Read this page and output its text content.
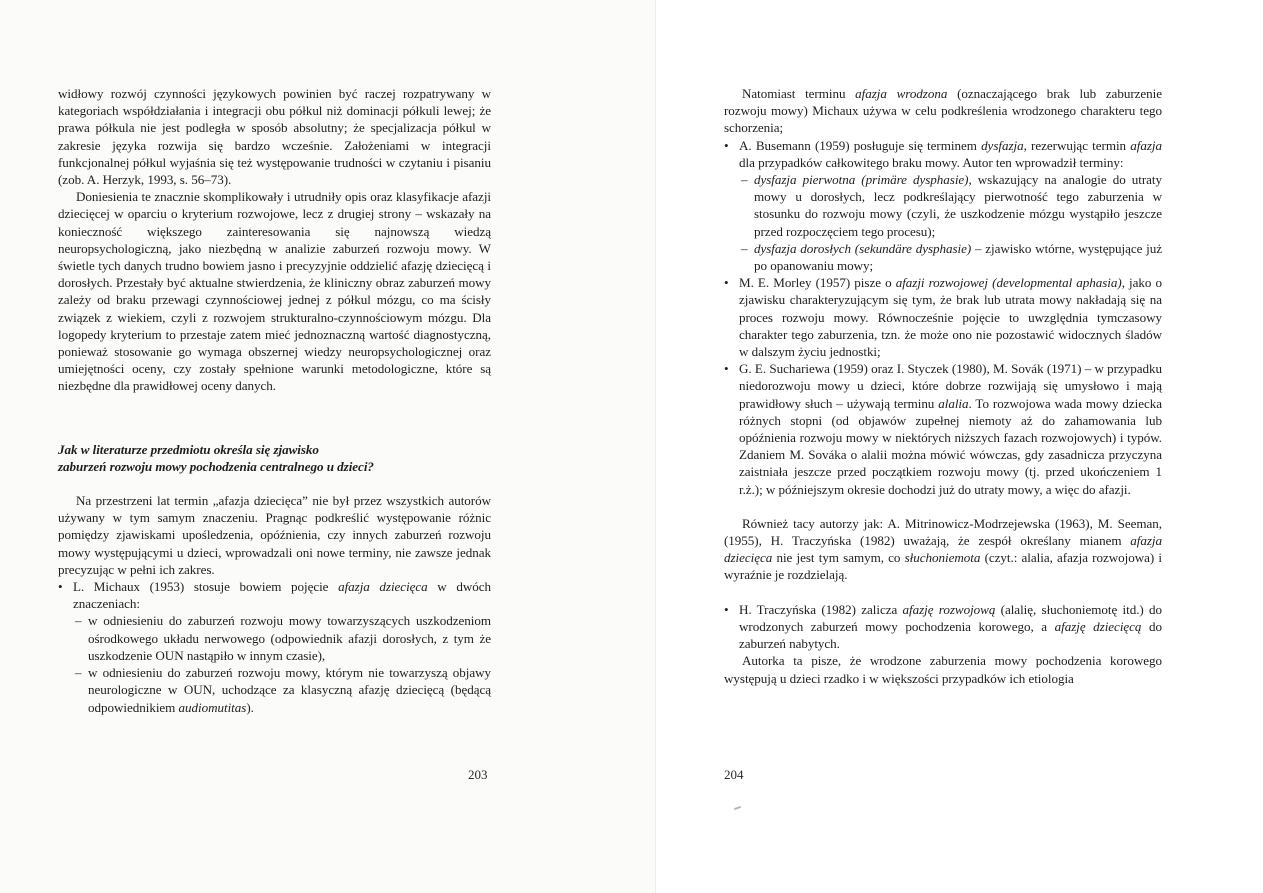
widłowy rozwój czynności językowych powinien być raczej rozpatrywany w kategoriach współdziałania i integracji obu półkul niż dominacji półkuli lewej; że prawa półkula nie jest podległa w sposób absolutny; że specjalizacja półkul w zakresie języka rozwija się bardzo wcześnie. Założeniami w integracji funkcjonalnej półkul wyjaśnia się też występowanie trudności w czytaniu i pisaniu (zob. A. Herzyk, 1993, s. 56–73).

Doniesienia te znacznie skomplikowały i utrudniły opis oraz klasyfikacje afazji dziecięcej w oparciu o kryterium rozwojowe, lecz z drugiej strony – wskazały na konieczność większego zainteresowania się najnowszą wiedzą neuropsychologiczną, jako niezbędną w analizie zaburzeń rozwoju mowy. W świetle tych danych trudno bowiem jasno i precyzyjnie oddzielić afazję dziecięcą i dorosłych. Przestały być aktualne stwierdzenia, że kliniczny obraz zaburzeń mowy zależy od braku przewagi czynnościowej jednej z półkul mózgu, co ma ścisły związek z wiekiem, czyli z rozwojem strukturalno-czynnościowym mózgu. Dla logopedy kryterium to przestaje zatem mieć jednoznaczną wartość diagnostyczną, ponieważ stosowanie go wymaga obszernej wiedzy neuropsychologicznej oraz umiejętności oceny, czy zostały spełnione warunki metodologiczne, które są niezbędne dla prawidłowej oceny danych.

Jak w literaturze przedmiotu określa się zjawisko
zaburzeń rozwoju mowy pochodzenia centralnego u dzieci?

Na przestrzeni lat termin „afazja dziecięca” nie był przez wszystkich autorów używany w tym samym znaczeniu. Pragnąc podkreślić występowanie różnic pomiędzy zjawiskami upośledzenia, opóźnienia, czy innych zaburzeń rozwoju mowy występującymi u dzieci, wprowadzali oni nowe terminy, nie zawsze jednak precyzując w pełni ich zakres.

• L. Michaux (1953) stosuje bowiem pojęcie afazja dziecięca w dwóch znaczeniach:
– w odniesieniu do zaburzeń rozwoju mowy towarzyszących uszkodzeniom ośrodkowego układu nerwowego (odpowiednik afazji dorosłych, z tym że uszkodzenie OUN nastąpiło w innym czasie),
– w odniesieniu do zaburzeń rozwoju mowy, którym nie towarzyszą objawy neurologiczne w OUN, uchodzące za klasyczną afazję dziecięcą (będącą odpowiednikiem audiomutitas).
203

Natomiast terminu afazja wrodzona (oznaczającego brak lub zaburzenie rozwoju mowy) Michaux używa w celu podkreślenia wrodzonego charakteru tego schorzenia;

• A. Busemann (1959) posługuje się terminem dysfazja, rezerwując termin afazja dla przypadków całkowitego braku mowy. Autor ten wprowadził terminy:
– dysfazja pierwotna (primäre dysphasie), wskazujący na analogie do utraty mowy u dorosłych, lecz podkreślający pierwotność tego zaburzenia w stosunku do rozwoju mowy (czyli, że uszkodzenie mózgu wystąpiło jeszcze przed rozpoczęciem tego procesu);
– dysfazja dorosłych (sekundäre dysphasie) – zjawisko wtórne, występujące już po opanowaniu mowy;
• M. E. Morley (1957) pisze o afazji rozwojowej (developmental aphasia), jako o zjawisku charakteryzującym się tym, że brak lub utrata mowy nakładają się na proces rozwoju mowy. Równocześnie pojęcie to uwzględnia tymczasowy charakter tego zaburzenia, tzn. że może ono nie pozostawić widocznych śladów w dalszym życiu jednostki;
• G. E. Suchariewa (1959) oraz I. Styczek (1980), M. Sovák (1971) – w przypadku niedorozwoju mowy u dzieci, które dobrze rozwijają się umysłowo i mają prawidłowy słuch – używają terminu alalia. To rozwojowa wada mowy dziecka różnych stopni (od objawów zupełnej niemoty aż do zahamowania lub opóźnienia rozwoju mowy w niektórych niższych fazach rozwojowych) i typów. Zdaniem M. Sováka o alalii można mówić wówczas, gdy zasadnicza przyczyna zaistniała jeszcze przed początkiem rozwoju mowy (tj. przed ukończeniem 1 r.ż.); w późniejszym okresie dochodzi już do utraty mowy, a więc do afazji.

Również tacy autorzy jak: A. Mitrinowicz-Modrzejewska (1963), M. Seeman, (1955), H. Traczyńska (1982) uważają, że zespół określany mianem afazja dziecięca nie jest tym samym, co słuchoniemota (czyt.: alalia, afazja rozwojowa) i wyraźnie je rozdzielają.

• H. Traczyńska (1982) zalicza afazję rozwojową (alalię, słuchoniemotę itd.) do wrodzonych zaburzeń mowy pochodzenia korowego, a afazję dziecięcą do zaburzeń nabytych.

Autorka ta pisze, że wrodzone zaburzenia mowy pochodzenia korowego występują u dzieci rzadko i w większości przypadków ich etiologia

204
